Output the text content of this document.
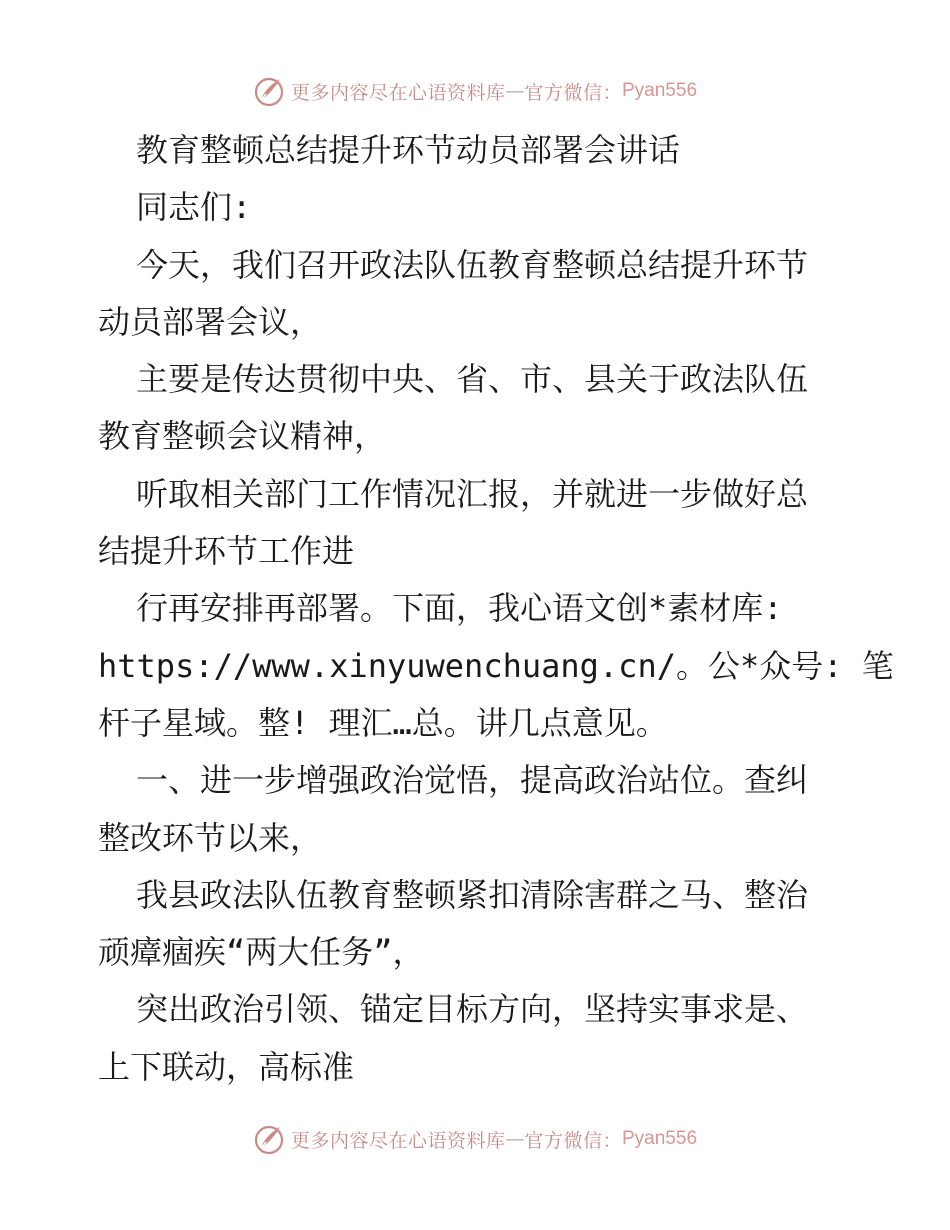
更多内容尽在心语资料库 — 官方微信： Pyan556
教育整顿总结提升环节动员部署会讲话
同志们:
今天，我们召开政法队伍教育整顿总结提升环节
动员部署会议，
主要是传达贯彻中央、省、市、县关于政法队伍
教育整顿会议精神，
听取相关部门工作情况汇报，并就进一步做好总
结提升环节工作进
行再安排再部署。下面，我心语文创*素材库:
https://www.xinyuwenchuang.cn/。公*众号: 笔
杆子星域。整! 理汇…总。讲几点意见。
一、进一步增强政治觉悟，提高政治站位。查纠
整改环节以来，
我县政法队伍教育整顿紧扣清除害群之马、整治
顽瘴痼疾“两大任务”，
突出政治引领、锚定目标方向，坚持实事求是、
上下联动，高标准
更多内容尽在心语资料库 — 官方微信： Pyan556
